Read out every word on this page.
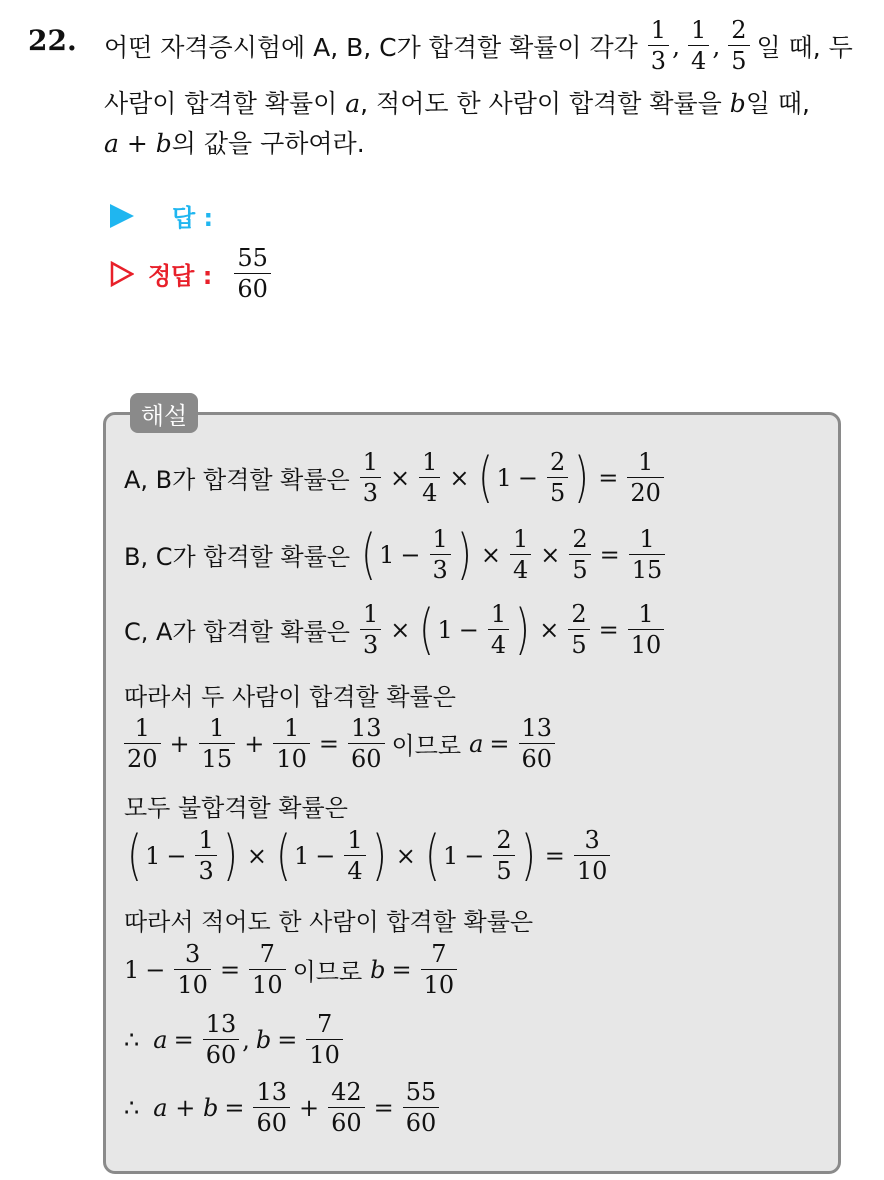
22. 어떤 자격증시험에 A, B, C가 합격할 확률이 각각 $\frac{1}{3}$ , $\frac{1}{4}$ , $\frac{2}{5}$ 일 때, 두
사람이 합격할 확률이 a , 적어도 한 사람이 합격할 확률을 b 일 때,
a + b 의 값을 구하여라.
답 :
정답 : $\frac{55}{60}$
해설
A, B가 합격할 확률은 $\frac{1}{3} \times \frac{1}{4}$ × ( $1 - \frac{2}{5}$ ) = $\frac{1}{20}$
B, C가 합격할 확률은 ( $1 - \frac{1}{3}$ ) × $\frac{1}{4} \times \frac{2}{5} = \frac{1}{15}$
C, A가 합격할 확률은 $\frac{1}{3}$ × ( $1 - \frac{1}{4}$ ) × $\frac{2}{5} = \frac{1}{10}$
따라서 두 사람이 합격할 확률은
$\frac{1}{20} + \frac{1}{15} + \frac{1}{10} = \frac{13}{60}$ 이므로 $a = \frac{13}{60}$
모두 불합격할 확률은
( $1 - \frac{1}{3}$ ) × ( $1 - \frac{1}{4}$ ) × ( $1 - \frac{2}{5}$ ) = $\frac{3}{10}$
따라서 적어도 한 사람이 합격할 확률은
$1 - \frac{3}{10} = \frac{7}{10}$ 이므로 $b = \frac{7}{10}$
∴ $a = \frac{13}{60}$ , $b = \frac{7}{10}$
∴ $a + b = \frac{13}{60} + \frac{42}{60} = \frac{55}{60}$
